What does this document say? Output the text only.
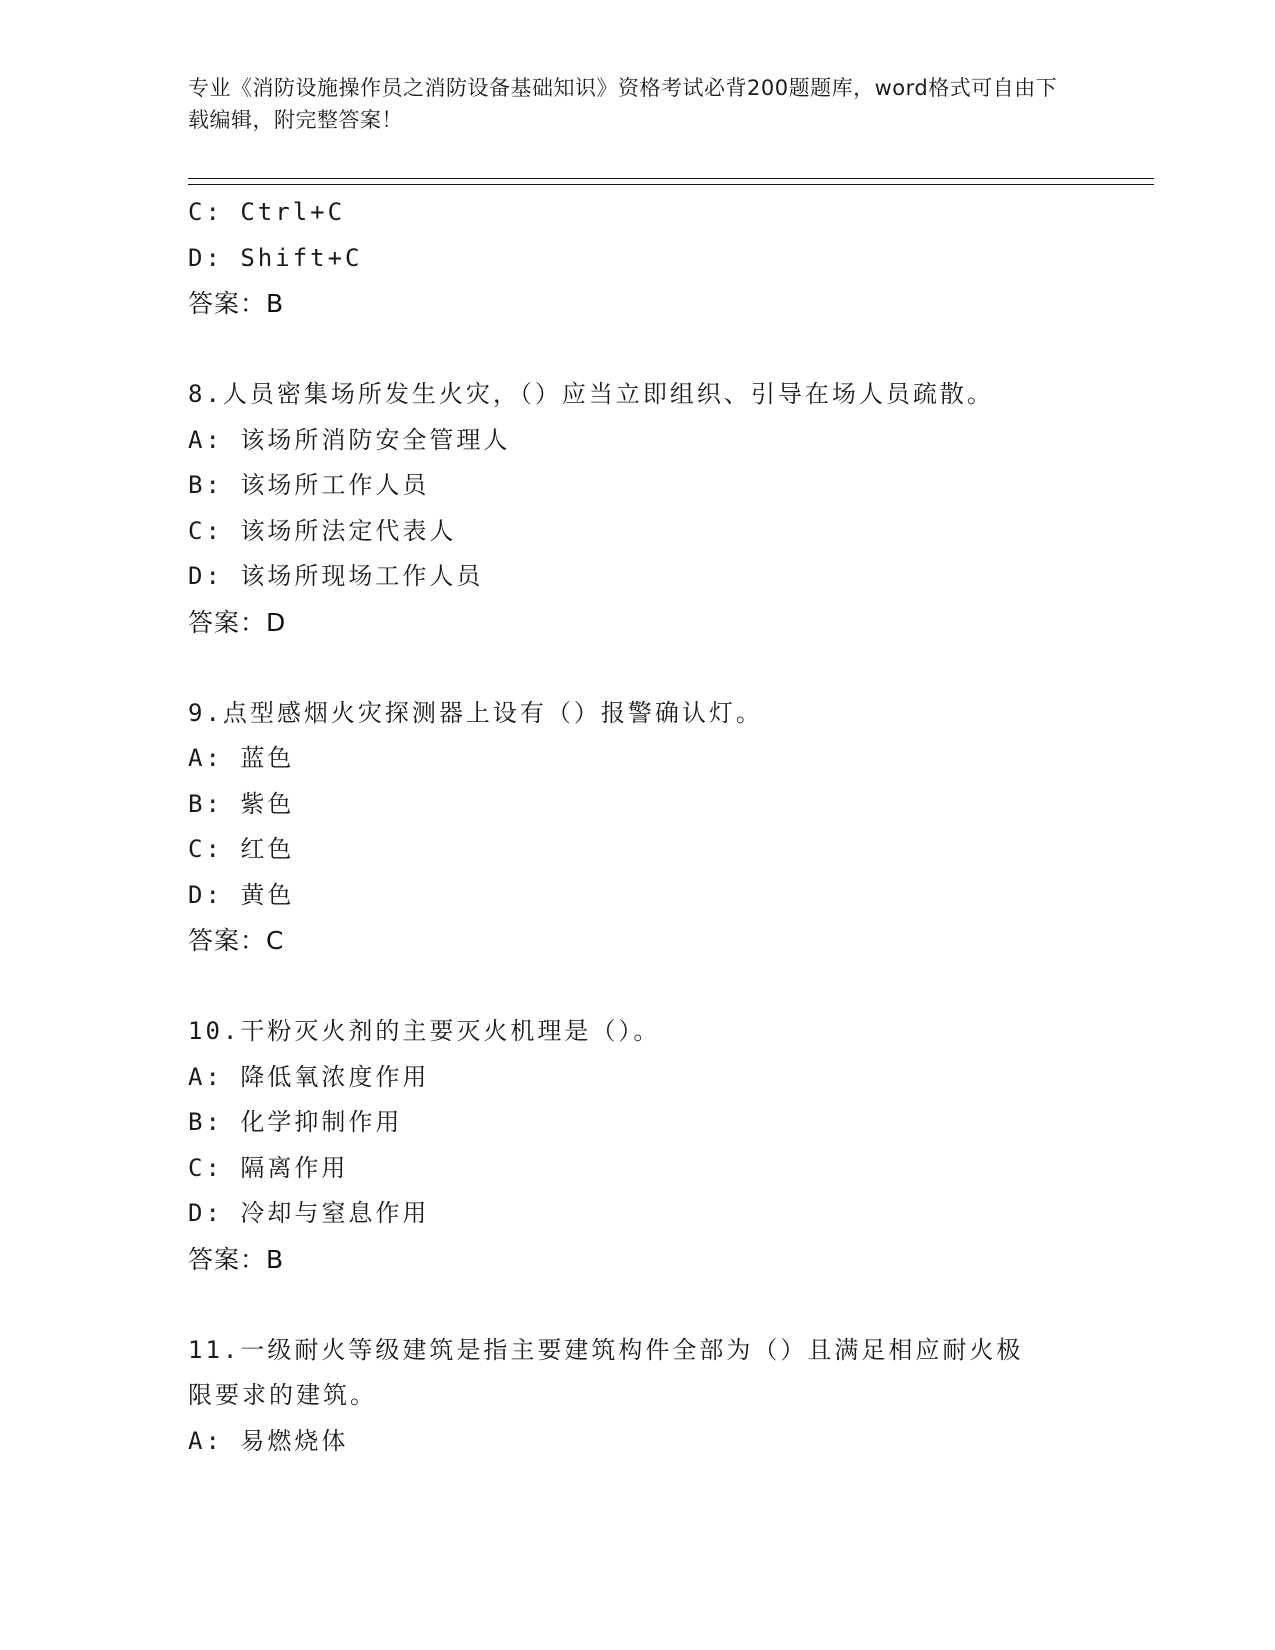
专业《消防设施操作员之消防设备基础知识》资格考试必背200题题库，word格式可自由下载编辑，附完整答案！
C: Ctrl+C
D: Shift+C
答案：B
8.人员密集场所发生火灾，（）应当立即组织、引导在场人员疏散。
A: 该场所消防安全管理人
B: 该场所工作人员
C: 该场所法定代表人
D: 该场所现场工作人员
答案：D
9.点型感烟火灾探测器上设有（）报警确认灯。
A: 蓝色
B: 紫色
C: 红色
D: 黄色
答案：C
10.干粉灭火剂的主要灭火机理是（）。
A: 降低氧浓度作用
B: 化学抑制作用
C: 隔离作用
D: 冷却与窒息作用
答案：B
11.一级耐火等级建筑是指主要建筑构件全部为（）且满足相应耐火极
限要求的建筑。
A: 易燃烧体
